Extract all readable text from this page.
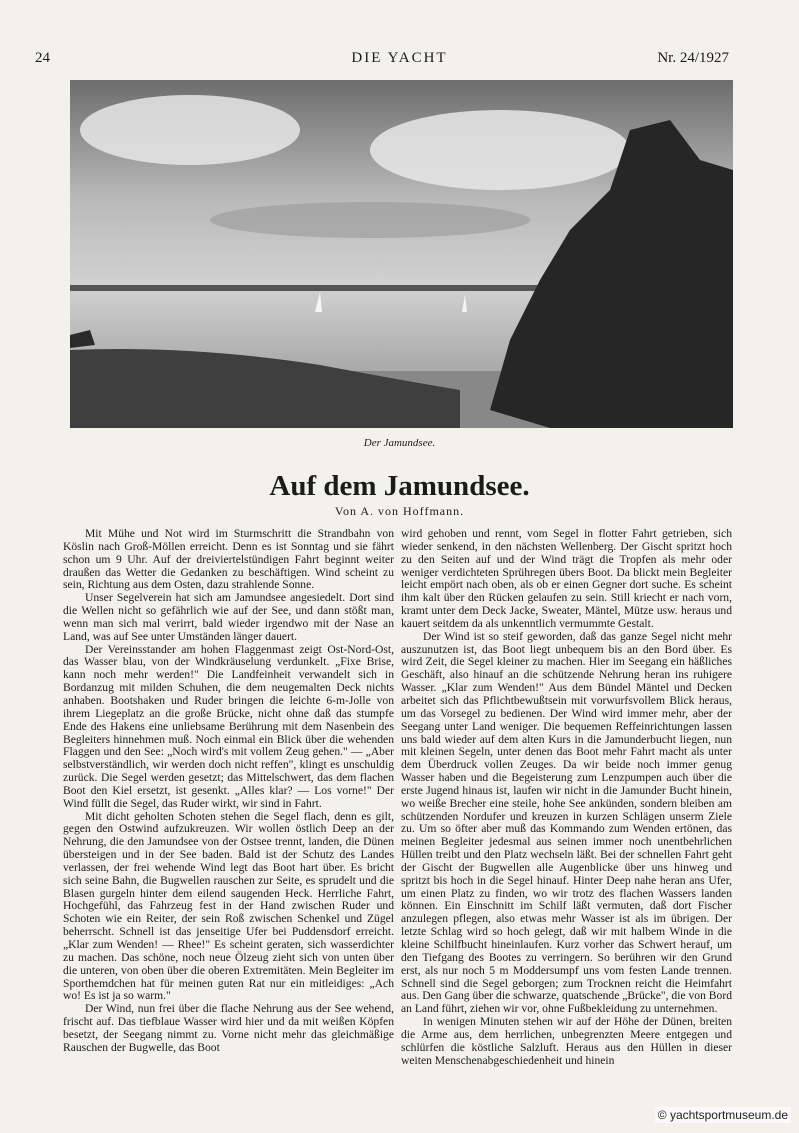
24	DIE YACHT	Nr. 24/1927
Der Jamundsee.
Auf dem Jamundsee.
Von A. von Hoffmann.

Mit Mühe und Not wird im Sturmschritt die Strandbahn von Köslin nach Groß-Möllen erreicht. Denn es ist Sonntag und sie fährt schon um 9 Uhr. Auf der dreiviertelstündigen Fahrt beginnt weiter draußen das Wetter die Gedanken zu beschäftigen. Wind scheint zu sein, Richtung aus dem Osten, dazu strahlende Sonne.

Unser Segelverein hat sich am Jamundsee angesiedelt. Dort sind die Wellen nicht so gefährlich wie auf der See, und dann stößt man, wenn man sich mal verirrt, bald wieder irgendwo mit der Nase an Land, was auf See unter Umständen länger dauert.

Der Vereinsstander am hohen Flaggenmast zeigt Ost-Nord-Ost, das Wasser blau, von der Windkräuselung verdunkelt. „Fixe Brise, kann noch mehr werden!" Die Landfeinheit verwandelt sich in Bordanzug mit milden Schuhen, die dem neugemalten Deck nichts anhaben. Bootshaken und Ruder bringen die leichte 6-m-Jolle von ihrem Liegeplatz an die große Brücke, nicht ohne daß das stumpfe Ende des Hakens eine unliebsame Berührung mit dem Nasenbein des Begleiters hinnehmen muß. Noch einmal ein Blick über die wehenden Flaggen und den See: „Noch wird's mit vollem Zeug gehen." — „Aber selbstverständlich, wir werden doch nicht reffen", klingt es unschuldig zurück. Die Segel werden gesetzt; das Mittelschwert, das dem flachen Boot den Kiel ersetzt, ist gesenkt. „Alles klar? — Los vorne!" Der Wind füllt die Segel, das Ruder wirkt, wir sind in Fahrt.

Mit dicht geholten Schoten stehen die Segel flach, denn es gilt, gegen den Ostwind aufzukreuzen. Wir wollen östlich Deep an der Nehrung, die den Jamundsee von der Ostsee trennt, landen, die Dünen übersteigen und in der See baden. Bald ist der Schutz des Landes verlassen, der frei wehende Wind legt das Boot hart über. Es bricht sich seine Bahn, die Bugwellen rauschen zur Seite, es sprudelt und die Blasen gurgeln hinter dem eilend saugenden Heck. Herrliche Fahrt, Hochgefühl, das Fahrzeug fest in der Hand zwischen Ruder und Schoten wie ein Reiter, der sein Roß zwischen Schenkel und Zügel beherrscht. Schnell ist das jenseitige Ufer bei Puddensdorf erreicht. „Klar zum Wenden! — Rhee!" Es scheint geraten, sich wasserdichter zu machen. Das schöne, noch neue Ölzeug zieht sich von unten über die unteren, von oben über die oberen Extremitäten. Mein Begleiter im Sporthemdchen hat für meinen guten Rat nur ein mitleidiges: „Ach wo! Es ist ja so warm."

Der Wind, nun frei über die flache Nehrung aus der See wehend, frischt auf. Das tiefblaue Wasser wird hier und da mit weißen Köpfen besetzt, der Seegang nimmt zu. Vorne nicht mehr das gleichmäßige Rauschen der Bugwelle, das Boot

wird gehoben und rennt, vom Segel in flotter Fahrt getrieben, sich wieder senkend, in den nächsten Wellenberg. Der Gischt spritzt hoch zu den Seiten auf und der Wind trägt die Tropfen als mehr oder weniger verdichteten Sprühregen übers Boot. Da blickt mein Begleiter leicht empört nach oben, als ob er einen Gegner dort suche. Es scheint ihm kalt über den Rücken gelaufen zu sein. Still kriecht er nach vorn, kramt unter dem Deck Jacke, Sweater, Mäntel, Mütze usw. heraus und kauert seitdem da als unkenntlich vermummte Gestalt.

Der Wind ist so steif geworden, daß das ganze Segel nicht mehr auszunutzen ist, das Boot liegt unbequem bis an den Bord über. Es wird Zeit, die Segel kleiner zu machen. Hier im Seegang ein häßliches Geschäft, also hinauf an die schützende Nehrung heran ins ruhigere Wasser. „Klar zum Wenden!" Aus dem Bündel Mäntel und Decken arbeitet sich das Pflichtbewußtsein mit vorwurfsvollem Blick heraus, um das Vorsegel zu bedienen. Der Wind wird immer mehr, aber der Seegang unter Land weniger. Die bequemen Reffeinrichtungen lassen uns bald wieder auf dem alten Kurs in die Jamunderbucht liegen, nun mit kleinen Segeln, unter denen das Boot mehr Fahrt macht als unter dem Überdruck vollen Zeuges. Da wir beide noch immer genug Wasser haben und die Begeisterung zum Lenzpumpen auch über die erste Jugend hinaus ist, laufen wir nicht in die Jamunder Bucht hinein, wo weiße Brecher eine steile, hohe See ankünden, sondern bleiben am schützenden Nordufer und kreuzen in kurzen Schlägen unserm Ziele zu. Um so öfter aber muß das Kommando zum Wenden ertönen, das meinen Begleiter jedesmal aus seinen immer noch unentbehrlichen Hüllen treibt und den Platz wechseln läßt. Bei der schnellen Fahrt geht der Gischt der Bugwellen alle Augenblicke über uns hinweg und spritzt bis hoch in die Segel hinauf. Hinter Deep nahe heran ans Ufer, um einen Platz zu finden, wo wir trotz des flachen Wassers landen können. Ein Einschnitt im Schilf läßt vermuten, daß dort Fischer anzulegen pflegen, also etwas mehr Wasser ist als im übrigen. Der letzte Schlag wird so hoch gelegt, daß wir mit halbem Winde in die kleine Schilfbucht hineinlaufen. Kurz vorher das Schwert herauf, um den Tiefgang des Bootes zu verringern. So berühren wir den Grund erst, als nur noch 5 m Moddersumpf uns vom festen Lande trennen. Schnell sind die Segel geborgen; zum Trocknen reicht die Heimfahrt aus. Den Gang über die schwarze, quatschende „Brücke", die von Bord an Land führt, ziehen wir vor, ohne Fußbekleidung zu unternehmen.

In wenigen Minuten stehen wir auf der Höhe der Dünen, breiten die Arme aus, dem herrlichen, unbegrenzten Meere entgegen und schlürfen die köstliche Salzluft. Heraus aus den Hüllen in dieser weiten Menschenabgeschiedenheit und hinein

© yachtsportmuseum.de
